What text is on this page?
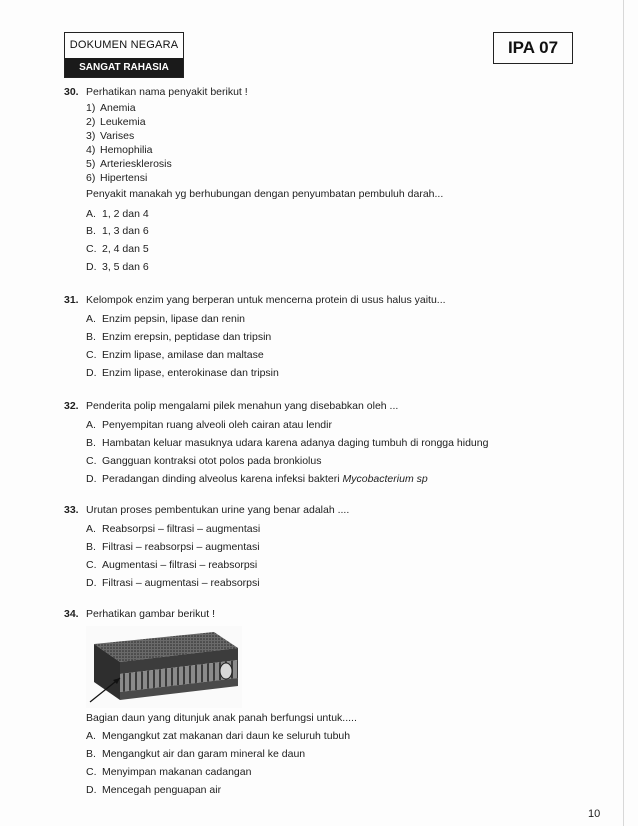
DOKUMEN NEGARA
SANGAT RAHASIA
IPA 07
30. Perhatikan nama penyakit berikut !
1) Anemia
2) Leukemia
3) Varises
4) Hemophilia
5) Arteriesklerosis
6) Hipertensi
Penyakit manakah yg berhubungan dengan penyumbatan pembuluh darah...
A. 1, 2 dan 4
B. 1, 3 dan 6
C. 2, 4 dan 5
D. 3, 5 dan 6
31. Kelompok enzim yang berperan untuk mencerna protein di usus halus yaitu...
A. Enzim pepsin, lipase dan renin
B. Enzim erepsin, peptidase dan tripsin
C. Enzim lipase, amilase dan maltase
D. Enzim lipase, enterokinase dan tripsin
32. Penderita polip mengalami pilek menahun yang disebabkan oleh ...
A. Penyempitan ruang alveoli oleh cairan atau lendir
B. Hambatan keluar masuknya udara karena adanya daging tumbuh di rongga hidung
C. Gangguan kontraksi otot polos pada bronkiolus
D. Peradangan dinding alveolus karena infeksi bakteri Mycobacterium sp
33. Urutan proses pembentukan urine yang benar adalah ....
A. Reabsorpsi – filtrasi – augmentasi
B. Filtrasi – reabsorpsi – augmentasi
C. Augmentasi – filtrasi – reabsorpsi
D. Filtrasi – augmentasi – reabsorpsi
34. Perhatikan gambar berikut !
Bagian daun yang ditunjuk anak panah berfungsi untuk.....
A. Mengangkut zat makanan dari daun ke seluruh tubuh
B. Mengangkut air dan garam mineral ke daun
C. Menyimpan makanan cadangan
D. Mencegah penguapan air
10
